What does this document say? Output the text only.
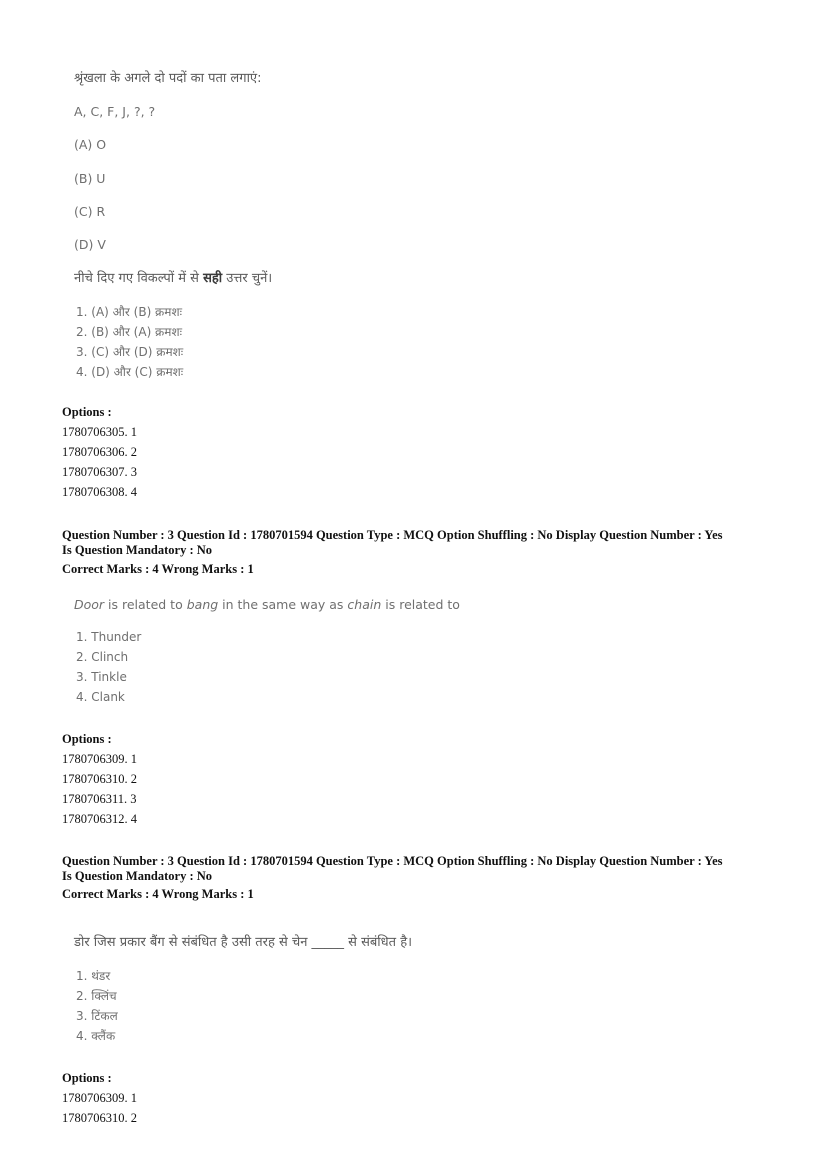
श्रृंखला के अगले दो पदों का पता लगाएं:
A, C, F, J, ?, ?
(A) O
(B) U
(C) R
(D) V
नीचे दिए गए विकल्पों में से सही उत्तर चुनें।
1. (A) और (B) क्रमशः
2. (B) और (A) क्रमशः
3. (C) और (D) क्रमशः
4. (D) और (C) क्रमशः
Options :
1780706305. 1
1780706306. 2
1780706307. 3
1780706308. 4
Question Number : 3 Question Id : 1780701594 Question Type : MCQ Option Shuffling : No Display Question Number : Yes
Is Question Mandatory : No
Correct Marks : 4 Wrong Marks : 1
Door is related to bang in the same way as chain is related to
1. Thunder
2. Clinch
3. Tinkle
4. Clank
Options :
1780706309. 1
1780706310. 2
1780706311. 3
1780706312. 4
Question Number : 3 Question Id : 1780701594 Question Type : MCQ Option Shuffling : No Display Question Number : Yes
Is Question Mandatory : No
Correct Marks : 4 Wrong Marks : 1
डोर जिस प्रकार बैंग से संबंधित है उसी तरह से चेन _____ से संबंधित है।
1. थंडर
2. क्लिंच
3. टिंकल
4. क्लैंक
Options :
1780706309. 1
1780706310. 2
